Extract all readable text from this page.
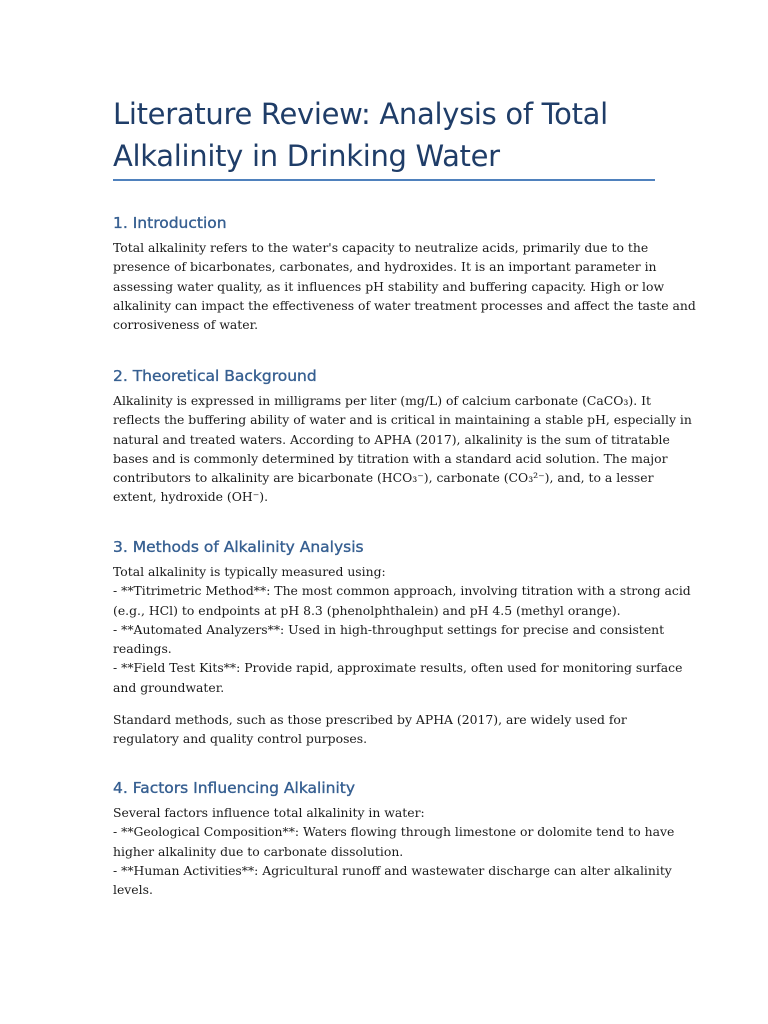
Literature Review: Analysis of Total
Alkalinity in Drinking Water
1. Introduction

Total alkalinity refers to the water's capacity to neutralize acids, primarily due to the
presence of bicarbonates, carbonates, and hydroxides. It is an important parameter in
assessing water quality, as it influences pH stability and buffering capacity. High or low
alkalinity can impact the effectiveness of water treatment processes and affect the taste and
corrosiveness of water.

2. Theoretical Background

Alkalinity is expressed in milligrams per liter (mg/L) of calcium carbonate (CaCO₃). It
reflects the buffering ability of water and is critical in maintaining a stable pH, especially in
natural and treated waters. According to APHA (2017), alkalinity is the sum of titratable
bases and is commonly determined by titration with a standard acid solution. The major
contributors to alkalinity are bicarbonate (HCO₃⁻), carbonate (CO₃²⁻), and, to a lesser
extent, hydroxide (OH⁻).

3. Methods of Alkalinity Analysis

Total alkalinity is typically measured using:
- **Titrimetric Method**: The most common approach, involving titration with a strong acid
(e.g., HCl) to endpoints at pH 8.3 (phenolphthalein) and pH 4.5 (methyl orange).
- **Automated Analyzers**: Used in high-throughput settings for precise and consistent
readings.
- **Field Test Kits**: Provide rapid, approximate results, often used for monitoring surface
and groundwater.

Standard methods, such as those prescribed by APHA (2017), are widely used for
regulatory and quality control purposes.

4. Factors Influencing Alkalinity

Several factors influence total alkalinity in water:
- **Geological Composition**: Waters flowing through limestone or dolomite tend to have
higher alkalinity due to carbonate dissolution.
- **Human Activities**: Agricultural runoff and wastewater discharge can alter alkalinity
levels.
